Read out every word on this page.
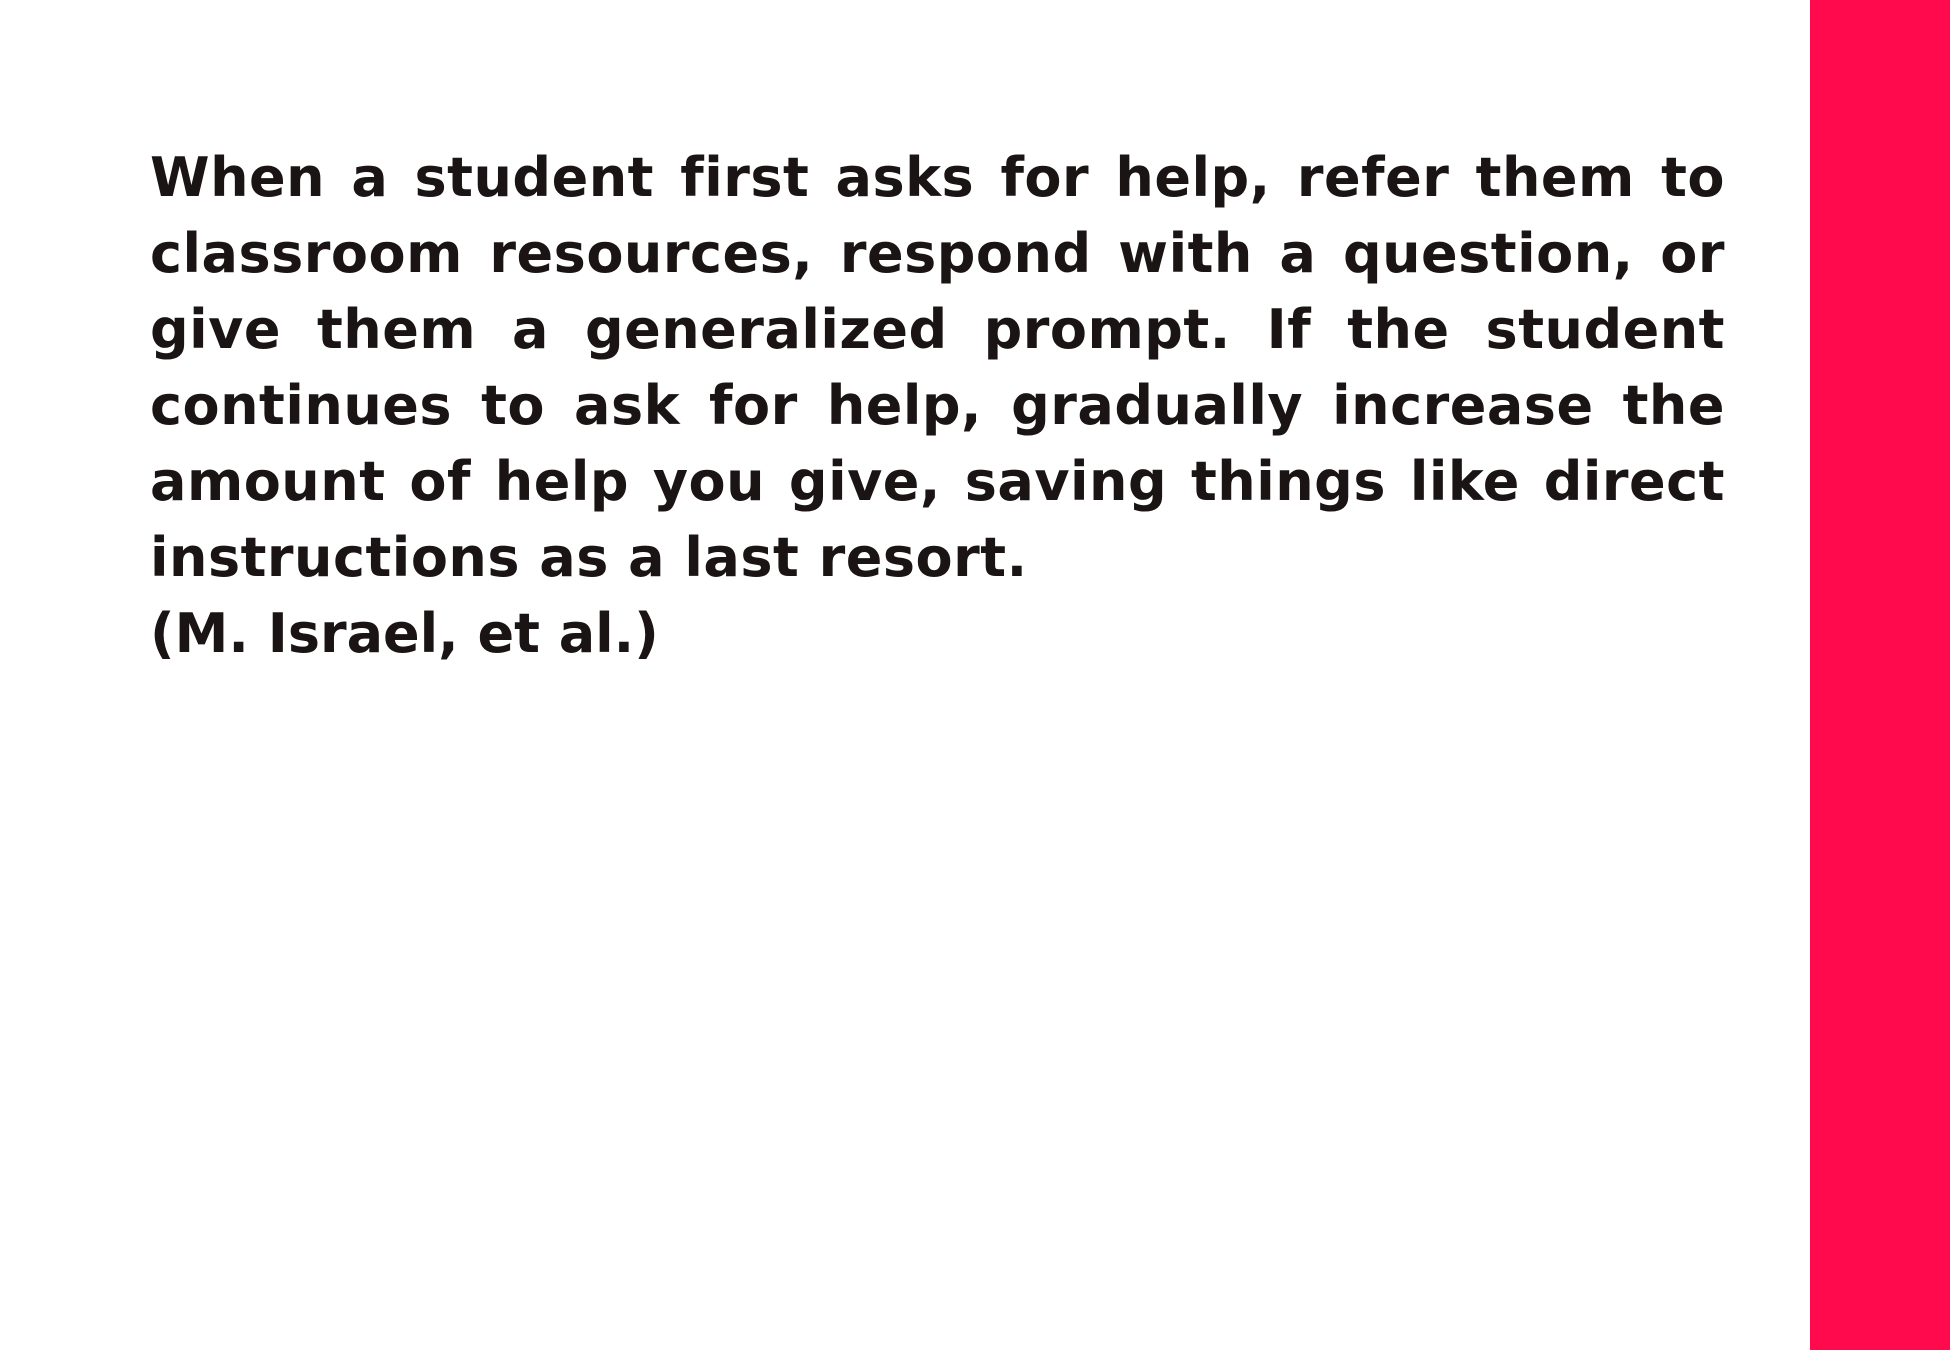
When a student first asks for help, refer them to classroom resources, respond with a question, or give them a generalized prompt. If the student continues to ask for help, gradually increase the amount of help you give, saving things like direct instructions as a last resort.

(M. Israel, et al.)
